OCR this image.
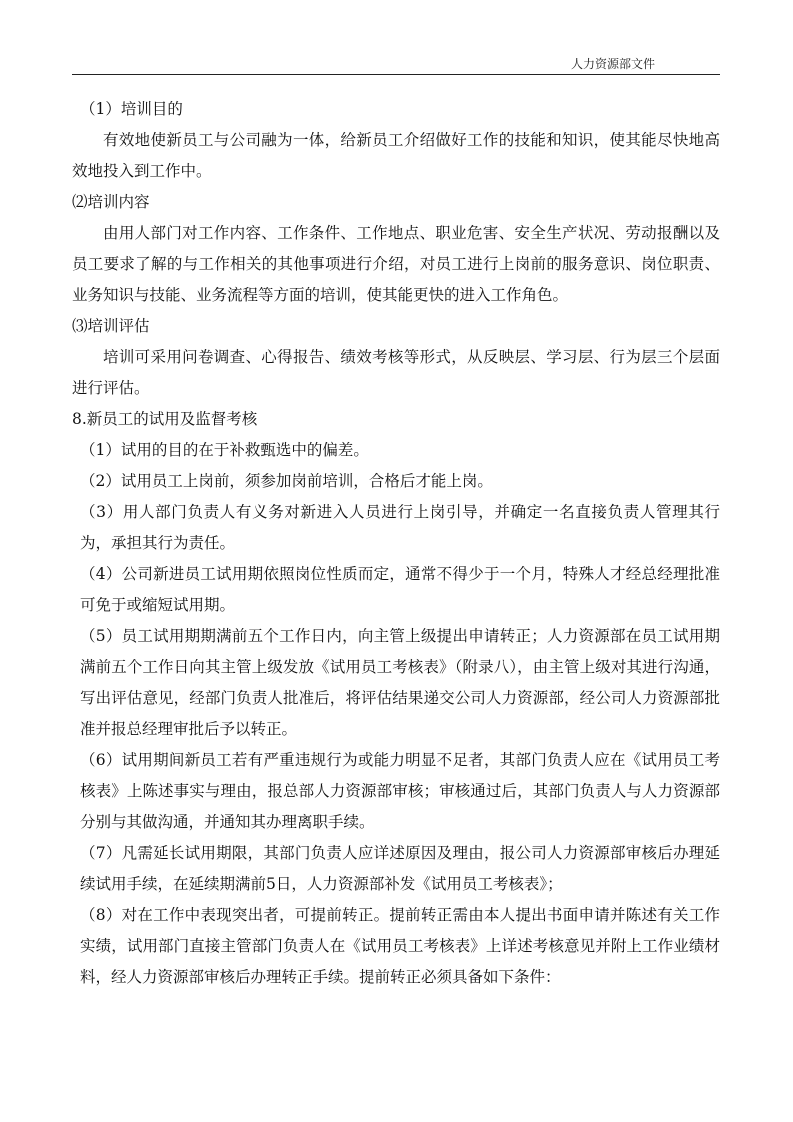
人力资源部文件

（1）培训目的

有效地使新员工与公司融为一体，给新员工介绍做好工作的技能和知识，使其能尽快地高效地投入到工作中。

⑵培训内容

由用人部门对工作内容、工作条件、工作地点、职业危害、安全生产状况、劳动报酬以及员工要求了解的与工作相关的其他事项进行介绍，对员工进行上岗前的服务意识、岗位职责、业务知识与技能、业务流程等方面的培训，使其能更快的进入工作角色。

⑶培训评估

培训可采用问卷调查、心得报告、绩效考核等形式，从反映层、学习层、行为层三个层面进行评估。

8.新员工的试用及监督考核

（1）试用的目的在于补救甄选中的偏差。

（2）试用员工上岗前，须参加岗前培训，合格后才能上岗。

（3）用人部门负责人有义务对新进入人员进行上岗引导，并确定一名直接负责人管理其行为，承担其行为责任。

（4）公司新进员工试用期依照岗位性质而定，通常不得少于一个月，特殊人才经总经理批准可免于或缩短试用期。

（5）员工试用期期满前五个工作日内，向主管上级提出申请转正；人力资源部在员工试用期满前五个工作日向其主管上级发放《试用员工考核表》（附录八），由主管上级对其进行沟通，写出评估意见，经部门负责人批准后，将评估结果递交公司人力资源部，经公司人力资源部批准并报总经理审批后予以转正。

（6）试用期间新员工若有严重违规行为或能力明显不足者，其部门负责人应在《试用员工考核表》上陈述事实与理由，报总部人力资源部审核；审核通过后，其部门负责人与人力资源部分别与其做沟通，并通知其办理离职手续。

（7）凡需延长试用期限，其部门负责人应详述原因及理由，报公司人力资源部审核后办理延续试用手续，在延续期满前5日，人力资源部补发《试用员工考核表》；

（8）对在工作中表现突出者，可提前转正。提前转正需由本人提出书面申请并陈述有关工作实绩，试用部门直接主管部门负责人在《试用员工考核表》上详述考核意见并附上工作业绩材料，经人力资源部审核后办理转正手续。提前转正必须具备如下条件：
